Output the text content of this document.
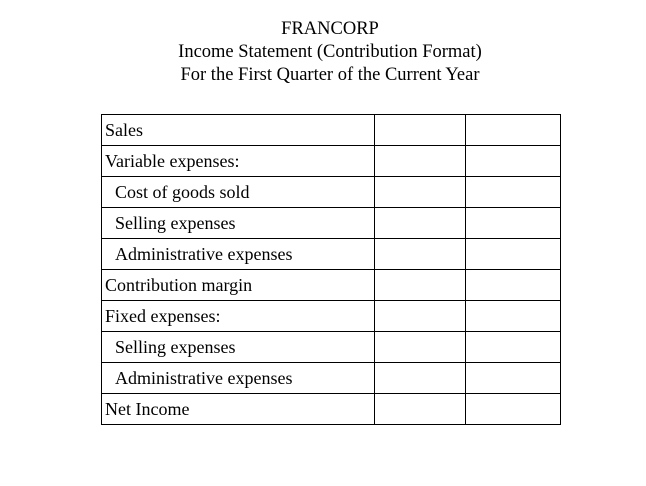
FRANCORP
Income Statement (Contribution Format)
For the First Quarter of the Current Year
Sales		
Variable expenses:		
Cost of goods sold		
Selling expenses		
Administrative expenses		
Contribution margin		
Fixed expenses:		
Selling expenses		
Administrative expenses		
Net Income		
